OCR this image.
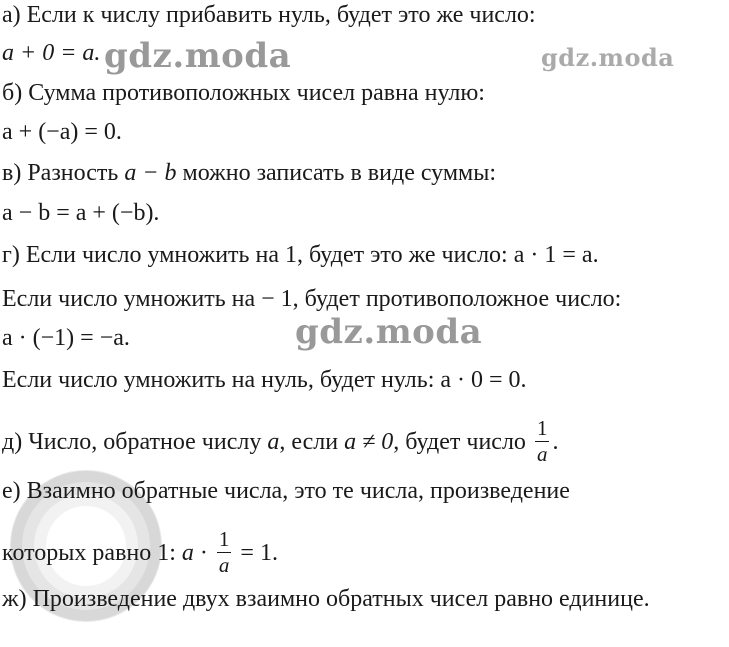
а) Если к числу прибавить нуль, будет это же число:
a + 0 = a.
б) Сумма противоположных чисел равна нулю:
a + (−a) = 0.
в) Разность a − b можно записать в виде суммы:
a − b = a + (−b).
г) Если число умножить на 1, будет это же число: a · 1 = a.
Если число умножить на − 1, будет противоположное число:
a · (−1) = −a.
Если число умножить на нуль, будет нуль: a · 0 = 0.
д) Число, обратное числу a, если a ≠ 0, будет число $\frac{1}{a}$ .
е) Взаимно обратные числа, это те числа, произведение
которых равно 1: $a \cdot \frac{1}{a} = 1$.
ж) Произведение двух взаимно обратных чисел равно единице.
gdz.moda	gdz.moda
gdz.moda
